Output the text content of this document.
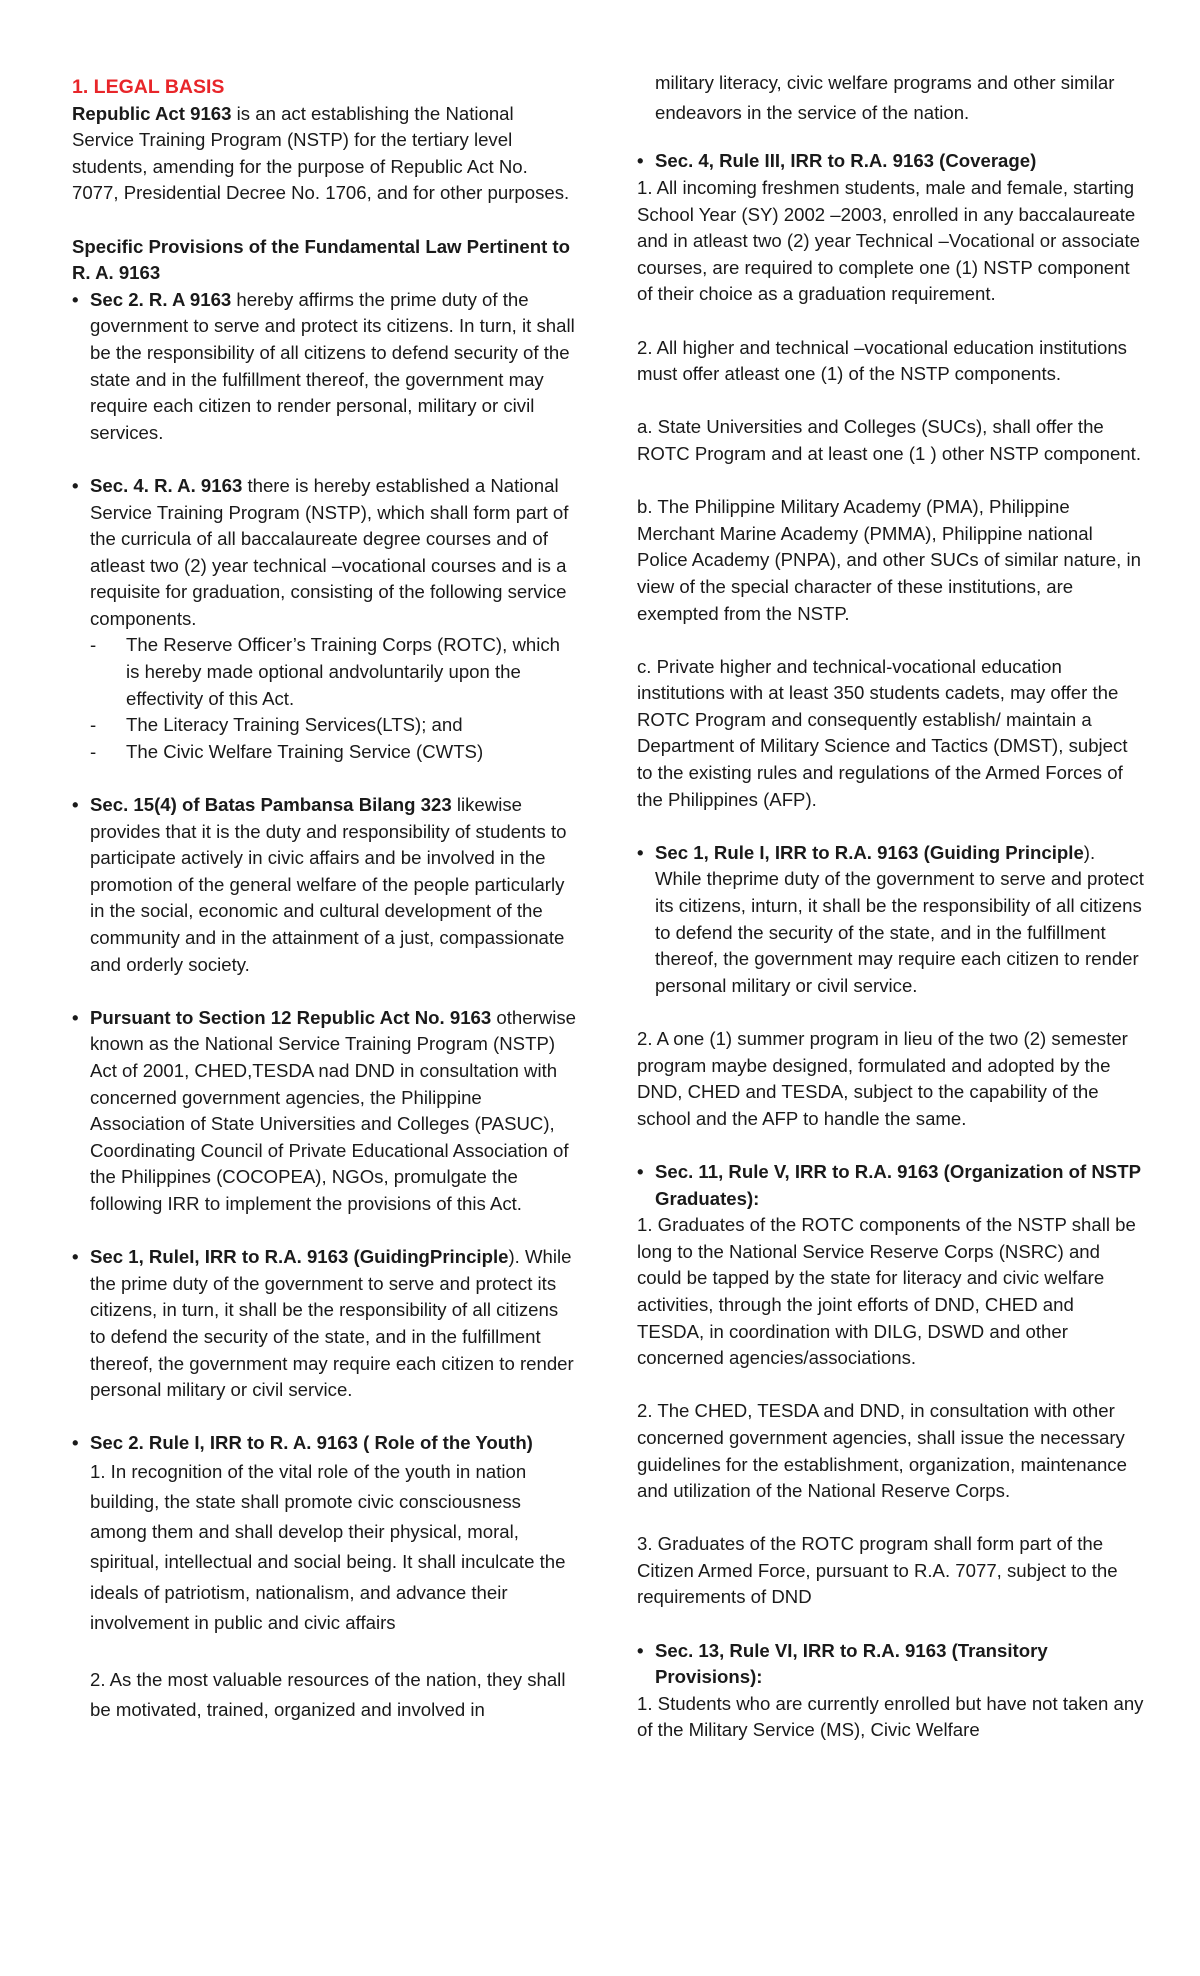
1. LEGAL BASIS

Republic Act 9163 is an act establishing the National Service Training Program (NSTP) for the tertiary level students, amending for the purpose of Republic Act No. 7077, Presidential Decree No. 1706, and for other purposes.

Specific Provisions of the Fundamental Law Pertinent to R. A. 9163

• Sec 2. R. A 9163 hereby affirms the prime duty of the government to serve and protect its citizens. In turn, it shall be the responsibility of all citizens to defend security of the state and in the fulfillment thereof, the government may require each citizen to render personal, military or civil services.

• Sec. 4. R. A. 9163 there is hereby established a National Service Training Program (NSTP), which shall form part of the curricula of all baccalaureate degree courses and of atleast two (2) year technical –vocational courses and is a requisite for graduation, consisting of the following service components.

- The Reserve Officer’s Training Corps (ROTC), which is hereby made optional andvoluntarily upon the effectivity of this Act.

- The Literacy Training Services(LTS); and

- The Civic Welfare Training Service (CWTS)

• Sec. 15(4) of Batas Pambansa Bilang 323 likewise provides that it is the duty and responsibility of students to participate actively in civic affairs and be involved in the promotion of the general welfare of the people particularly in the social, economic and cultural development of the community and in the attainment of a just, compassionate and orderly society.

• Pursuant to Section 12 Republic Act No. 9163 otherwise known as the National Service Training Program (NSTP) Act of 2001, CHED,TESDA nad DND in consultation with concerned government agencies, the Philippine Association of State Universities and Colleges (PASUC), Coordinating Council of Private Educational Association of the Philippines (COCOPEA), NGOs, promulgate the following IRR to implement the provisions of this Act.

• Sec 1, RuleI, IRR to R.A. 9163 (GuidingPrinciple). While the prime duty of the government to serve and protect its citizens, in turn, it shall be the responsibility of all citizens to defend the security of the state, and in the fulfillment thereof, the government may require each citizen to render personal military or civil service.

• Sec 2. Rule I, IRR to R. A. 9163 ( Role of the Youth)

1. In recognition of the vital role of the youth in nation building, the state shall promote civic consciousness among them and shall develop their physical, moral, spiritual, intellectual and social being. It shall inculcate the ideals of patriotism, nationalism, and advance their involvement in public and civic affairs

2. As the most valuable resources of the nation, they shall be motivated, trained, organized and involved in

military literacy, civic welfare programs and other similar endeavors in the service of the nation.

• Sec. 4, Rule III, IRR to R.A. 9163 (Coverage)

1. All incoming freshmen students, male and female, starting School Year (SY) 2002 –2003, enrolled in any baccalaureate and in atleast two (2) year Technical –Vocational or associate courses, are required to complete one (1) NSTP component of their choice as a graduation requirement.

2. All higher and technical –vocational education institutions must offer atleast one (1) of the NSTP components.

a. State Universities and Colleges (SUCs), shall offer the ROTC Program and at least one (1 ) other NSTP component.

b. The Philippine Military Academy (PMA), Philippine Merchant Marine Academy (PMMA), Philippine national Police Academy (PNPA), and other SUCs of similar nature, in view of the special character of these institutions, are exempted from the NSTP.

c. Private higher and technical-vocational education institutions with at least 350 students cadets, may offer the ROTC Program and consequently establish/ maintain a Department of Military Science and Tactics (DMST), subject to the existing rules and regulations of the Armed Forces of the Philippines (AFP).

• Sec 1, Rule I, IRR to R.A. 9163 (Guiding Principle). While theprime duty of the government to serve and protect its citizens, inturn, it shall be the responsibility of all citizens to defend the security of the state, and in the fulfillment thereof, the government may require each citizen to render personal military or civil service.

2. A one (1) summer program in lieu of the two (2) semester program maybe designed, formulated and adopted by the DND, CHED and TESDA, subject to the capability of the school and the AFP to handle the same.

• Sec. 11, Rule V, IRR to R.A. 9163 (Organization of NSTP Graduates):

1. Graduates of the ROTC components of the NSTP shall be long to the National Service Reserve Corps (NSRC) and could be tapped by the state for literacy and civic welfare activities, through the joint efforts of DND, CHED and TESDA, in coordination with DILG, DSWD and other concerned agencies/associations.

2. The CHED, TESDA and DND, in consultation with other concerned government agencies, shall issue the necessary guidelines for the establishment, organization, maintenance and utilization of the National Reserve Corps.

3. Graduates of the ROTC program shall form part of the Citizen Armed Force, pursuant to R.A. 7077, subject to the requirements of DND

• Sec. 13, Rule VI, IRR to R.A. 9163 (Transitory Provisions):

1. Students who are currently enrolled but have not taken any of the Military Service (MS), Civic Welfare
